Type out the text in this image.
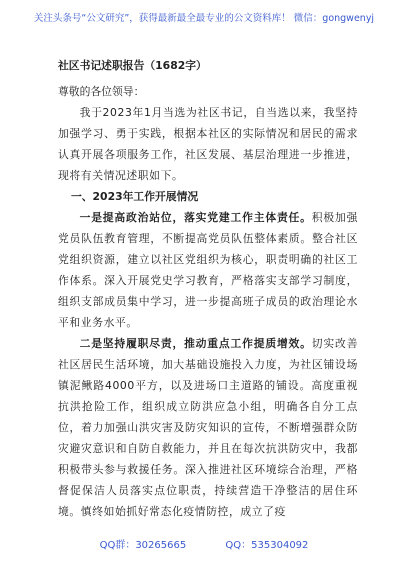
关注头条号“公文研究”，获得最新最全最专业的公文资料库！ 微信：gongwenyj

社区书记述职报告（1682字）

尊敬的各位领导：

我于2023年1月当选为社区书记，自当选以来，我坚持加强学习、勇于实践，根据本社区的实际情况和居民的需求认真开展各项服务工作，社区发展、基层治理进一步推进，现将有关情况述职如下。

一、2023年工作开展情况

一是提高政治站位，落实党建工作主体责任。积极加强党员队伍教育管理，不断提高党员队伍整体素质。整合社区党组织资源，建立以社区党组织为核心，职责明确的社区工作体系。深入开展党史学习教育，严格落实支部学习制度，组织支部成员集中学习，进一步提高班子成员的政治理论水平和业务水平。

二是坚持履职尽责，推动重点工作提质增效。切实改善社区居民生活环境，加大基础设施投入力度，为社区铺设场镇泥鳅路4000平方，以及进场口主道路的铺设。高度重视抗洪抢险工作，组织成立防洪应急小组，明确各自分工点位，着力加强山洪灾害及防灾知识的宣传，不断增强群众防灾避灾意识和自防自救能力，并且在每次抗洪防灾中，我都积极带头参与救援任务。深入推进社区环境综合治理，严格督促保洁人员落实点位职责，持续营造干净整洁的居住环境。慎终如始抓好常态化疫情防控，成立了疫

QQ群：30265665	QQ：535304092
